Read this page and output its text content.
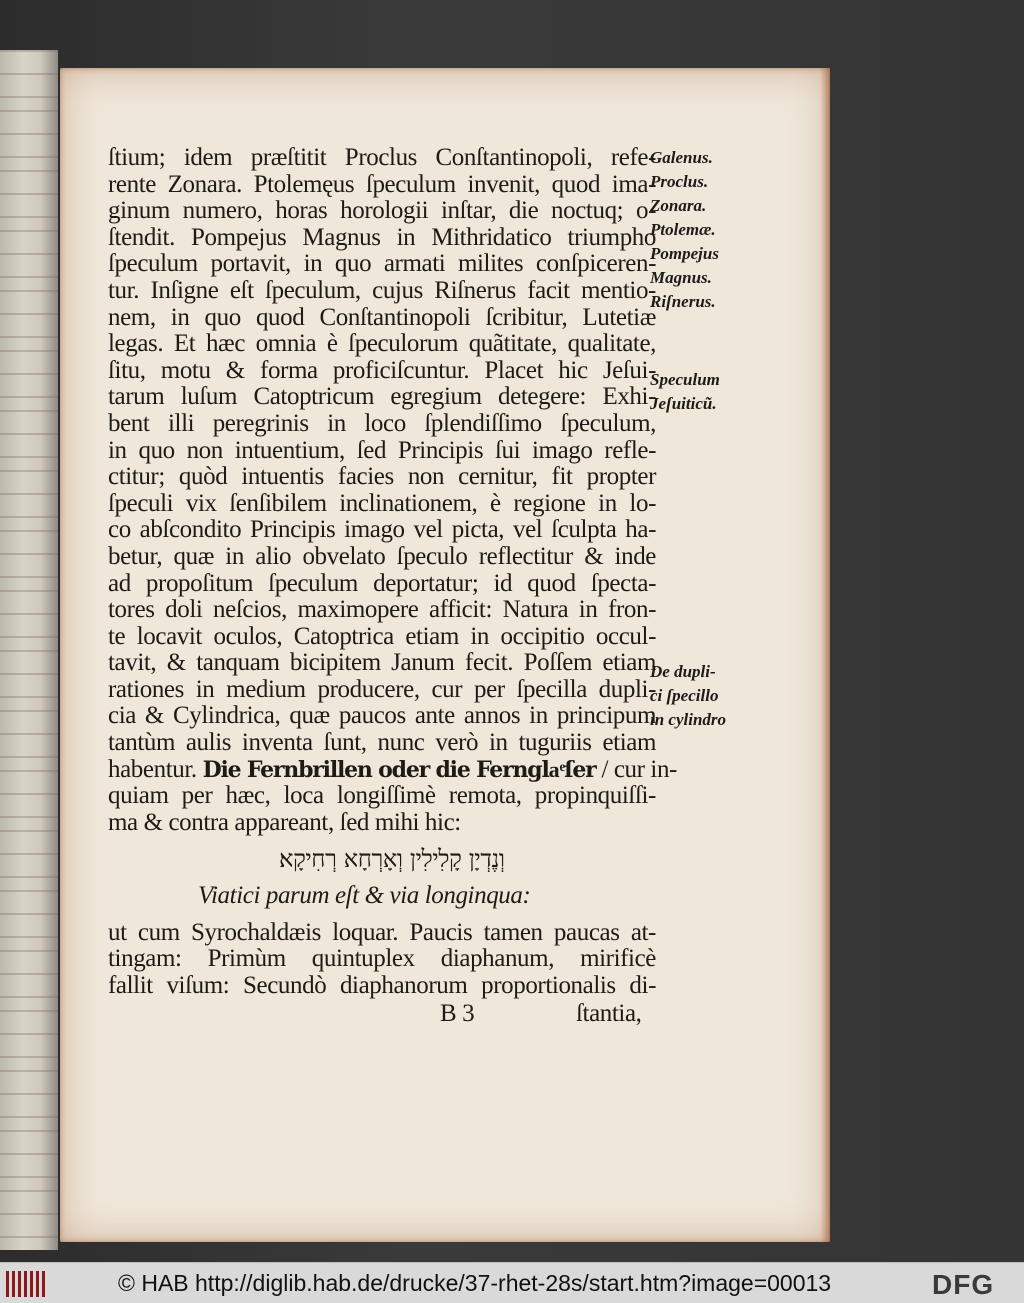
ſtium; idem præſtitit Proclus Conſtantinopoli, refe-
rente Zonara. Ptolemęus ſpeculum invenit, quod ima-
ginum numero, horas horologii inſtar, die noctuq; o-
ſtendit. Pompejus Magnus in Mithridatico triumpho
ſpeculum portavit, in quo armati milites conſpiceren-
tur. Inſigne eſt ſpeculum, cujus Riſnerus facit mentio-
nem, in quo quod Conſtantinopoli ſcribitur, Lutetiæ
legas. Et hæc omnia è ſpeculorum quãtitate, qualitate,
ſitu, motu & forma proficiſcuntur. Placet hic Jeſui-
tarum luſum Catoptricum egregium detegere: Exhi-
bent illi peregrinis in loco ſplendiſſimo ſpeculum,
in quo non intuentium, ſed Principis ſui imago refle-
ctitur; quòd intuentis facies non cernitur, fit propter
ſpeculi vix ſenſibilem inclinationem, è regione in lo-
co abſcondito Principis imago vel picta, vel ſculpta ha-
betur, quæ in alio obvelato ſpeculo reflectitur & inde
ad propoſitum ſpeculum deportatur; id quod ſpecta-
tores doli neſcios, maximopere afficit: Natura in fron-
te locavit oculos, Catoptrica etiam in occipitio occul-
tavit, & tanquam bicipitem Janum fecit. Poſſem etiam
rationes in medium producere, cur per ſpecilla dupli-
cia & Cylindrica, quæ paucos ante annos in principum
tantùm aulis inventa ſunt, nunc verò in tuguriis etiam
habentur. Die Fernbrillen oder die Fernglaͤſer / cur in-
quiam per hæc, loca longiſſimè remota, propinquiſſi-
ma & contra appareant, ſed mihi hic:
וְנֶדְיָן קָלִילִין וְאָרְחָא רְחִיקָא׃
Viatici parum eſt & via longinqua:
ut cum Syrochaldæis loquar. Paucis tamen paucas at-
tingam: Primùm quintuplex diaphanum, mirificè
fallit viſum: Secundò diaphanorum proportionalis di-
B 3	ſtantia,
Galenus.
Proclus.
Zonara.
Ptolemæ.
Pompejus
Magnus.
Riſnerus.
Speculum
Jeſuiticũ.
De dupli-
ci ſpecillo
in cylindro
© HAB http://diglib.hab.de/drucke/37-rhet-28s/start.htm?image=00013	DFG
